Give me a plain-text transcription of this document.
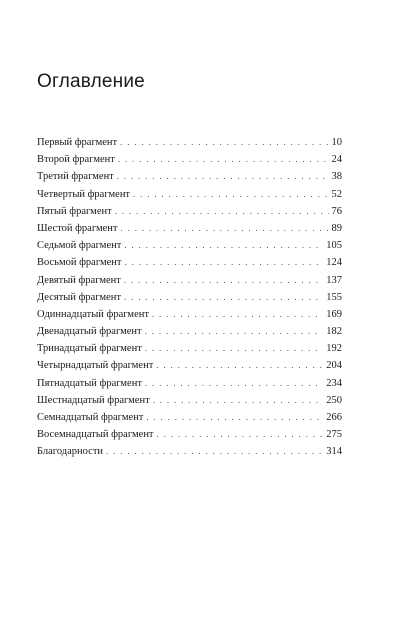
Оглавление
Первый фрагмент . . .	10
Второй фрагмент . . .	24
Третий фрагмент . . .	38
Четвертый фрагмент . . .	52
Пятый фрагмент . . .	76
Шестой фрагмент . . .	89
Седьмой фрагмент . . .	105
Восьмой фрагмент . . .	124
Девятый фрагмент . . .	137
Десятый фрагмент . . .	155
Одиннадцатый фрагмент . . .	169
Двенадцатый фрагмент . . .	182
Тринадцатый фрагмент . . .	192
Четырнадцатый фрагмент . . .	204
Пятнадцатый фрагмент . . .	234
Шестнадцатый фрагмент . . .	250
Семнадцатый фрагмент . . .	266
Восемнадцатый фрагмент . . .	275
Благодарности . . .	314
